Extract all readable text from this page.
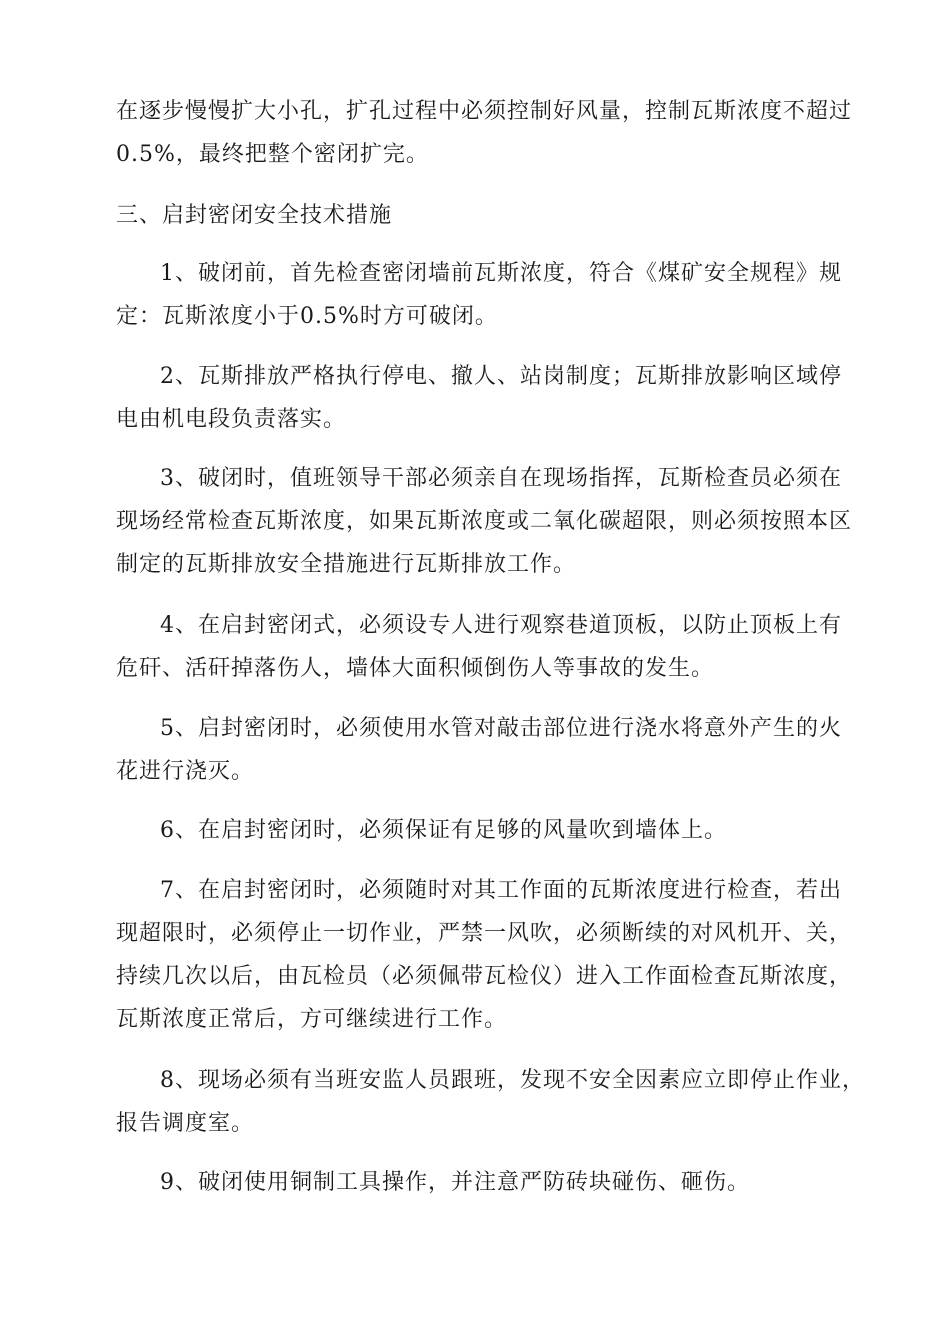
在逐步慢慢扩大小孔，扩孔过程中必须控制好风量，控制瓦斯浓度不超过
0.5%，最终把整个密闭扩完。
三、启封密闭安全技术措施
1、破闭前，首先检查密闭墙前瓦斯浓度，符合《煤矿安全规程》规
定：瓦斯浓度小于0.5%时方可破闭。
2、瓦斯排放严格执行停电、撤人、站岗制度；瓦斯排放影响区域停
电由机电段负责落实。
3、破闭时，值班领导干部必须亲自在现场指挥，瓦斯检查员必须在
现场经常检查瓦斯浓度，如果瓦斯浓度或二氧化碳超限，则必须按照本区
制定的瓦斯排放安全措施进行瓦斯排放工作。
4、在启封密闭式，必须设专人进行观察巷道顶板，以防止顶板上有
危矸、活矸掉落伤人，墙体大面积倾倒伤人等事故的发生。
5、启封密闭时，必须使用水管对敲击部位进行浇水将意外产生的火
花进行浇灭。
6、在启封密闭时，必须保证有足够的风量吹到墙体上。
7、在启封密闭时，必须随时对其工作面的瓦斯浓度进行检查，若出
现超限时，必须停止一切作业，严禁一风吹，必须断续的对风机开、关，
持续几次以后，由瓦检员（必须佩带瓦检仪）进入工作面检查瓦斯浓度，
瓦斯浓度正常后，方可继续进行工作。
8、现场必须有当班安监人员跟班，发现不安全因素应立即停止作业，
报告调度室。
9、破闭使用铜制工具操作，并注意严防砖块碰伤、砸伤。
